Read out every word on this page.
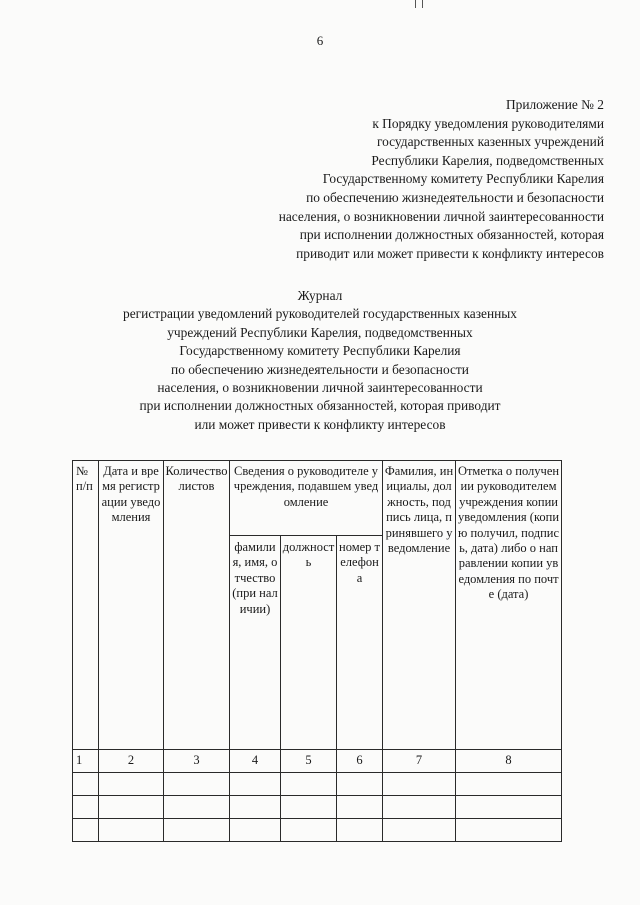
6
Приложение № 2
к Порядку уведомления руководителями
государственных казенных учреждений
Республики Карелия, подведомственных
Государственному комитету Республики Карелия
по обеспечению жизнедеятельности и безопасности
населения, о возникновении личной заинтересованности
при исполнении должностных обязанностей, которая
приводит или может привести к конфликту интересов
Журнал
регистрации уведомлений руководителей государственных казенных
учреждений Республики Карелия, подведомственных
Государственному комитету Республики Карелия
по обеспечению жизнедеятельности и безопасности
населения, о возникновении личной заинтересованности
при исполнении должностных обязанностей, которая приводит
или может привести к конфликту интересов
№ п/п	Дата и время регистрации уведомления	Количество листов	Сведения о руководителе учреждения, подавшем уведомление			Фамилия, инициалы, должность, подпись лица, принявшего уведомление	Отметка о получении руководителем учреждения копии уведомления (копию получил, подпись, дата) либо о направлении копии уведомления по почте (дата)
			фамилия, имя, отчество (при наличии)	должность	номер телефона		
1	2	3	4	5	6	7	8
